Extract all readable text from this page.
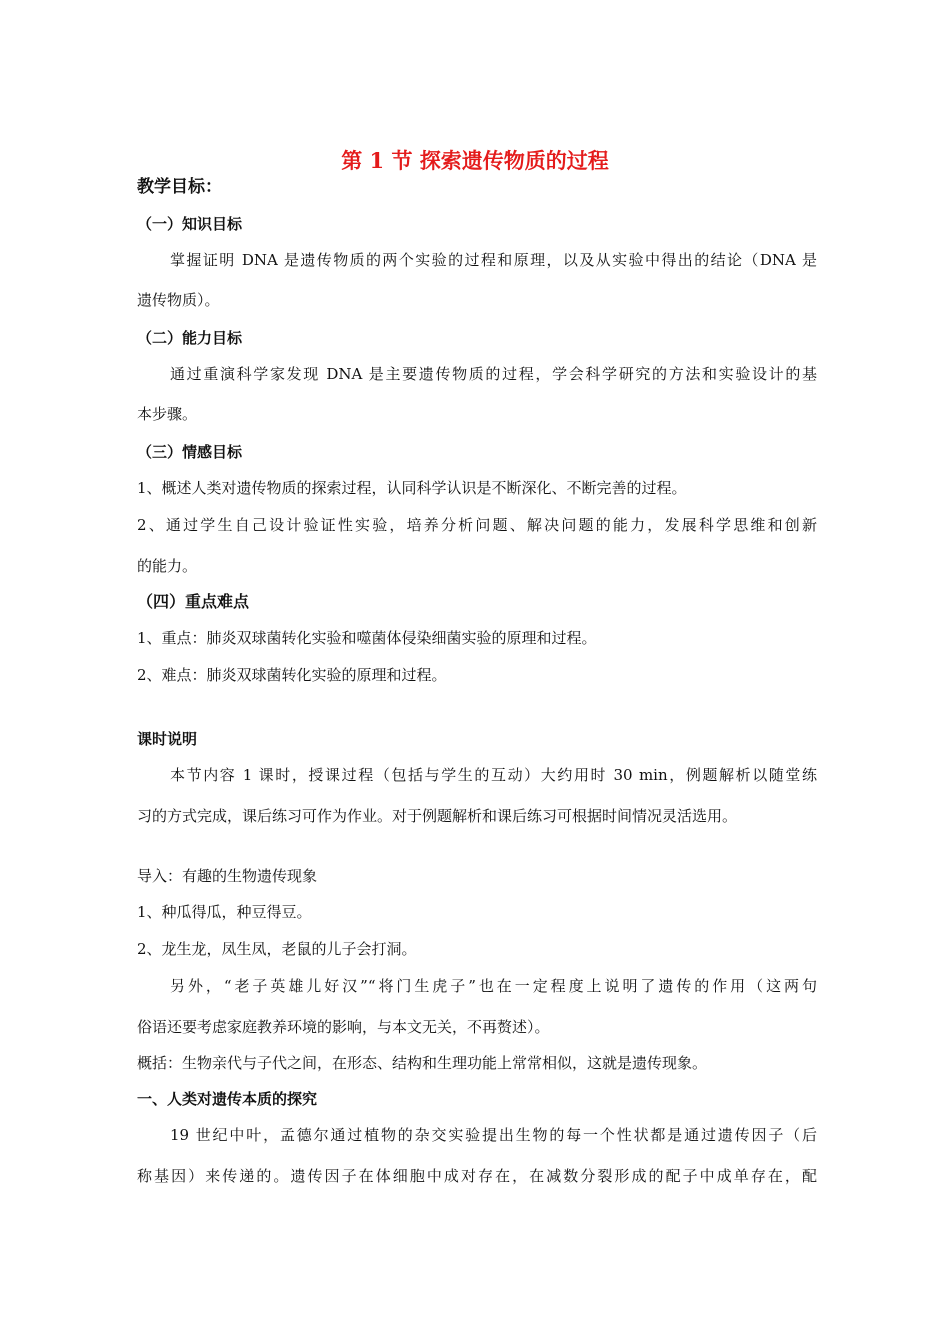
第 1 节 探索遗传物质的过程
教学目标：
（一）知识目标
掌握证明 DNA 是遗传物质的两个实验的过程和原理，以及从实验中得出的结论（DNA 是
遗传物质）。
（二）能力目标
通过重演科学家发现 DNA 是主要遗传物质的过程，学会科学研究的方法和实验设计的基
本步骤。
（三）情感目标
1、概述人类对遗传物质的探索过程，认同科学认识是不断深化、不断完善的过程。
2、通过学生自己设计验证性实验，培养分析问题、解决问题的能力，发展科学思维和创新
的能力。
（四）重点难点
1、重点：肺炎双球菌转化实验和噬菌体侵染细菌实验的原理和过程。
2、难点：肺炎双球菌转化实验的原理和过程。
课时说明
本节内容 1 课时，授课过程（包括与学生的互动）大约用时 30 min，例题解析以随堂练
习的方式完成，课后练习可作为作业。对于例题解析和课后练习可根据时间情况灵活选用。
导入：有趣的生物遗传现象
1、种瓜得瓜，种豆得豆。
2、龙生龙，凤生凤，老鼠的儿子会打洞。
另外，“老子英雄儿好汉”“将门生虎子”也在一定程度上说明了遗传的作用（这两句
俗语还要考虑家庭教养环境的影响，与本文无关，不再赘述）。
概括：生物亲代与子代之间，在形态、结构和生理功能上常常相似，这就是遗传现象。
一、人类对遗传本质的探究
19 世纪中叶，孟德尔通过植物的杂交实验提出生物的每一个性状都是通过遗传因子（后
称基因）来传递的。遗传因子在体细胞中成对存在，在减数分裂形成的配子中成单存在，配
